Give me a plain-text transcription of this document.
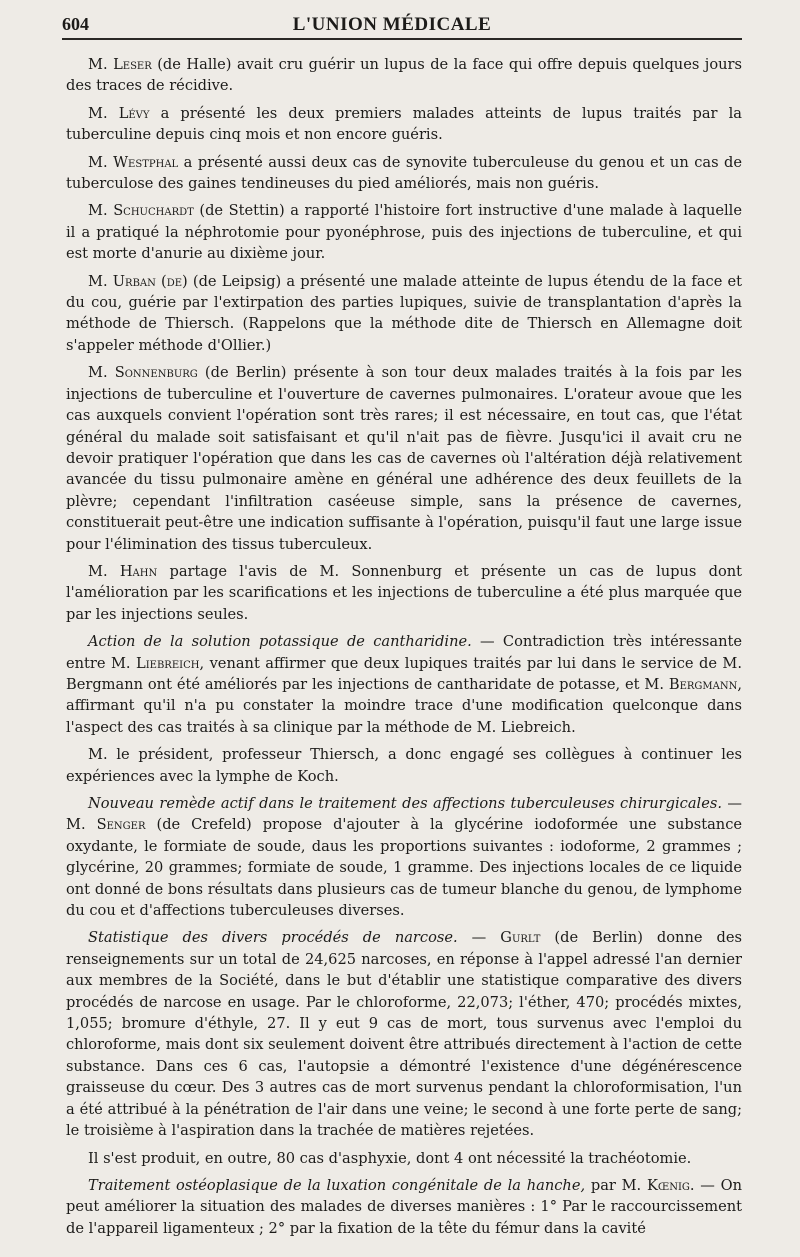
604	L'UNION MÉDICALE

M. Leser (de Halle) avait cru guérir un lupus de la face qui offre depuis quelques jours des traces de récidive.

M. Lévy a présenté les deux premiers malades atteints de lupus traités par la tuberculine depuis cinq mois et non encore guéris.

M. Westphal a présenté aussi deux cas de synovite tuberculeuse du genou et un cas de tuberculose des gaines tendineuses du pied améliorés, mais non guéris.

M. Schuchardt (de Stettin) a rapporté l'histoire fort instructive d'une malade à laquelle il a pratiqué la néphrotomie pour pyonéphrose, puis des injections de tuberculine, et qui est morte d'anurie au dixième jour.

M. Urban (de) (de Leipsig) a présenté une malade atteinte de lupus étendu de la face et du cou, guérie par l'extirpation des parties lupiques, suivie de transplantation d'après la méthode de Thiersch. (Rappelons que la méthode dite de Thiersch en Allemagne doit s'appeler méthode d'Ollier.)

M. Sonnenburg (de Berlin) présente à son tour deux malades traités à la fois par les injections de tuberculine et l'ouverture de cavernes pulmonaires. L'orateur avoue que les cas auxquels convient l'opération sont très rares; il est nécessaire, en tout cas, que l'état général du malade soit satisfaisant et qu'il n'ait pas de fièvre. Jusqu'ici il avait cru ne devoir pratiquer l'opération que dans les cas de cavernes où l'altération déjà relativement avancée du tissu pulmonaire amène en général une adhérence des deux feuillets de la plèvre; cependant l'infiltration caséeuse simple, sans la présence de cavernes, constituerait peut-être une indication suffisante à l'opération, puisqu'il faut une large issue pour l'élimination des tissus tuberculeux.

M. Hahn partage l'avis de M. Sonnenburg et présente un cas de lupus dont l'amélioration par les scarifications et les injections de tuberculine a été plus marquée que par les injections seules.

Action de la solution potassique de cantharidine. — Contradiction très intéressante entre M. Liebreich, venant affirmer que deux lupiques traités par lui dans le service de M. Bergmann ont été améliorés par les injections de cantharidate de potasse, et M. Bergmann, affirmant qu'il n'a pu constater la moindre trace d'une modification quelconque dans l'aspect des cas traités à sa clinique par la méthode de M. Liebreich.

M. le président, professeur Thiersch, a donc engagé ses collègues à continuer les expériences avec la lymphe de Koch.

Nouveau remède actif dans le traitement des affections tuberculeuses chirurgicales. — M. Senger (de Crefeld) propose d'ajouter à la glycérine iodoformée une substance oxydante, le formiate de soude, daus les proportions suivantes : iodoforme, 2 grammes ; glycérine, 20 grammes; formiate de soude, 1 gramme. Des injections locales de ce liquide ont donné de bons résultats dans plusieurs cas de tumeur blanche du genou, de lymphome du cou et d'affections tuberculeuses diverses.

Statistique des divers procédés de narcose. — Gurlt (de Berlin) donne des renseignements sur un total de 24,625 narcoses, en réponse à l'appel adressé l'an dernier aux membres de la Société, dans le but d'établir une statistique comparative des divers procédés de narcose en usage. Par le chloroforme, 22,073; l'éther, 470; procédés mixtes, 1,055; bromure d'éthyle, 27. Il y eut 9 cas de mort, tous survenus avec l'emploi du chloroforme, mais dont six seulement doivent être attribués directement à l'action de cette substance. Dans ces 6 cas, l'autopsie a démontré l'existence d'une dégénérescence graisseuse du cœur. Des 3 autres cas de mort survenus pendant la chloroformisation, l'un a été attribué à la pénétration de l'air dans une veine; le second à une forte perte de sang; le troisième à l'aspiration dans la trachée de matières rejetées.

Il s'est produit, en outre, 80 cas d'asphyxie, dont 4 ont nécessité la trachéotomie.

Traitement ostéoplasique de la luxation congénitale de la hanche, par M. Kœnig. — On peut améliorer la situation des malades de diverses manières : 1° Par le raccourcissement de l'appareil ligamenteux ; 2° par la fixation de la tête du fémur dans la cavité
